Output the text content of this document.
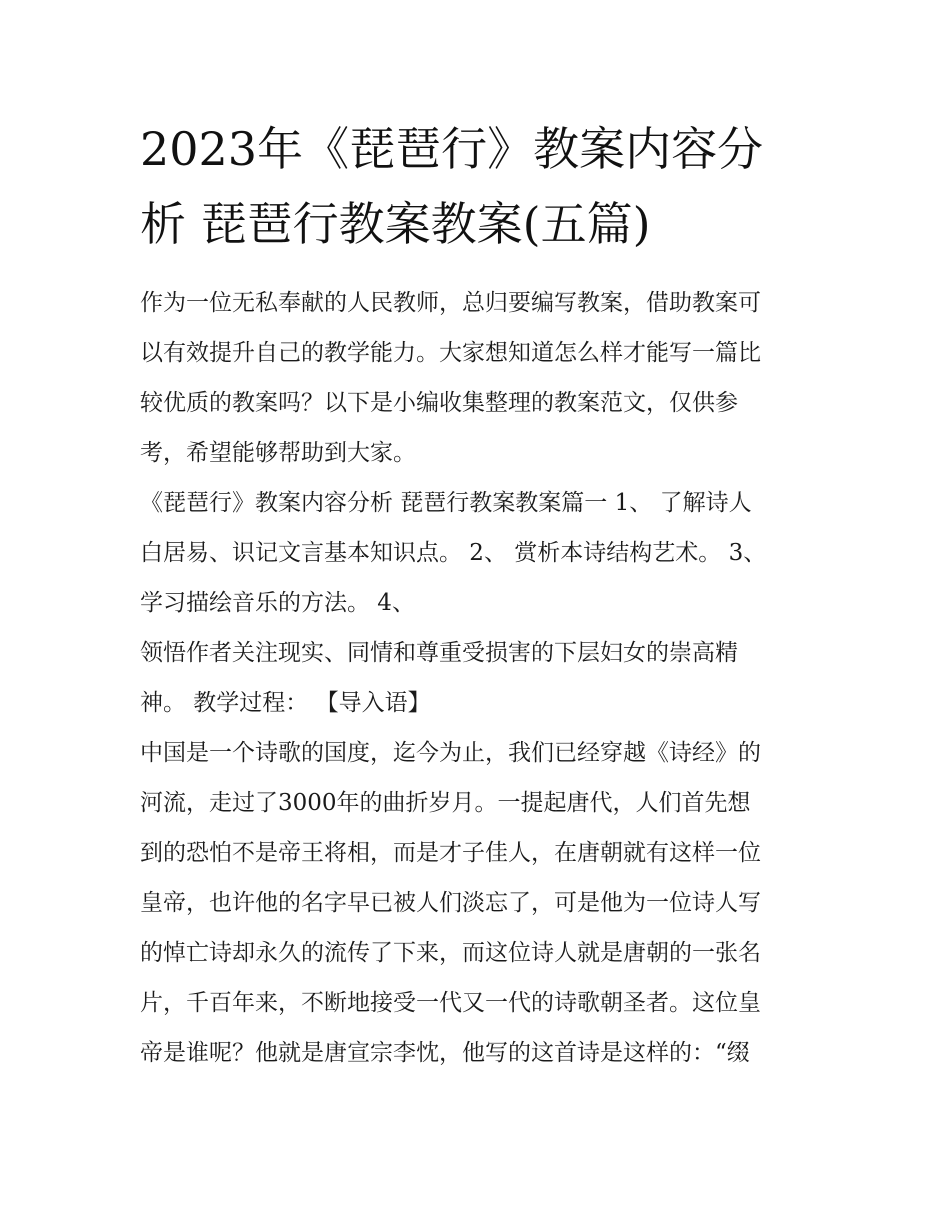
2023年《琵琶行》教案内容分
析 琵琶行教案教案(五篇)
作为一位无私奉献的人民教师，总归要编写教案，借助教案可
以有效提升自己的教学能力。大家想知道怎么样才能写一篇比
较优质的教案吗？以下是小编收集整理的教案范文，仅供参
考，希望能够帮助到大家。
《琵琶行》教案内容分析 琵琶行教案教案篇一 1、 了解诗人
白居易、识记文言基本知识点。 2、 赏析本诗结构艺术。 3、
学习描绘音乐的方法。 4、
领悟作者关注现实、同情和尊重受损害的下层妇女的崇高精
神。 教学过程： 【导入语】
中国是一个诗歌的国度，迄今为止，我们已经穿越《诗经》的
河流，走过了3000年的曲折岁月。一提起唐代，人们首先想
到的恐怕不是帝王将相，而是才子佳人，在唐朝就有这样一位
皇帝，也许他的名字早已被人们淡忘了，可是他为一位诗人写
的悼亡诗却永久的流传了下来，而这位诗人就是唐朝的一张名
片，千百年来，不断地接受一代又一代的诗歌朝圣者。这位皇
帝是谁呢？他就是唐宣宗李忱，他写的这首诗是这样的：“缀
